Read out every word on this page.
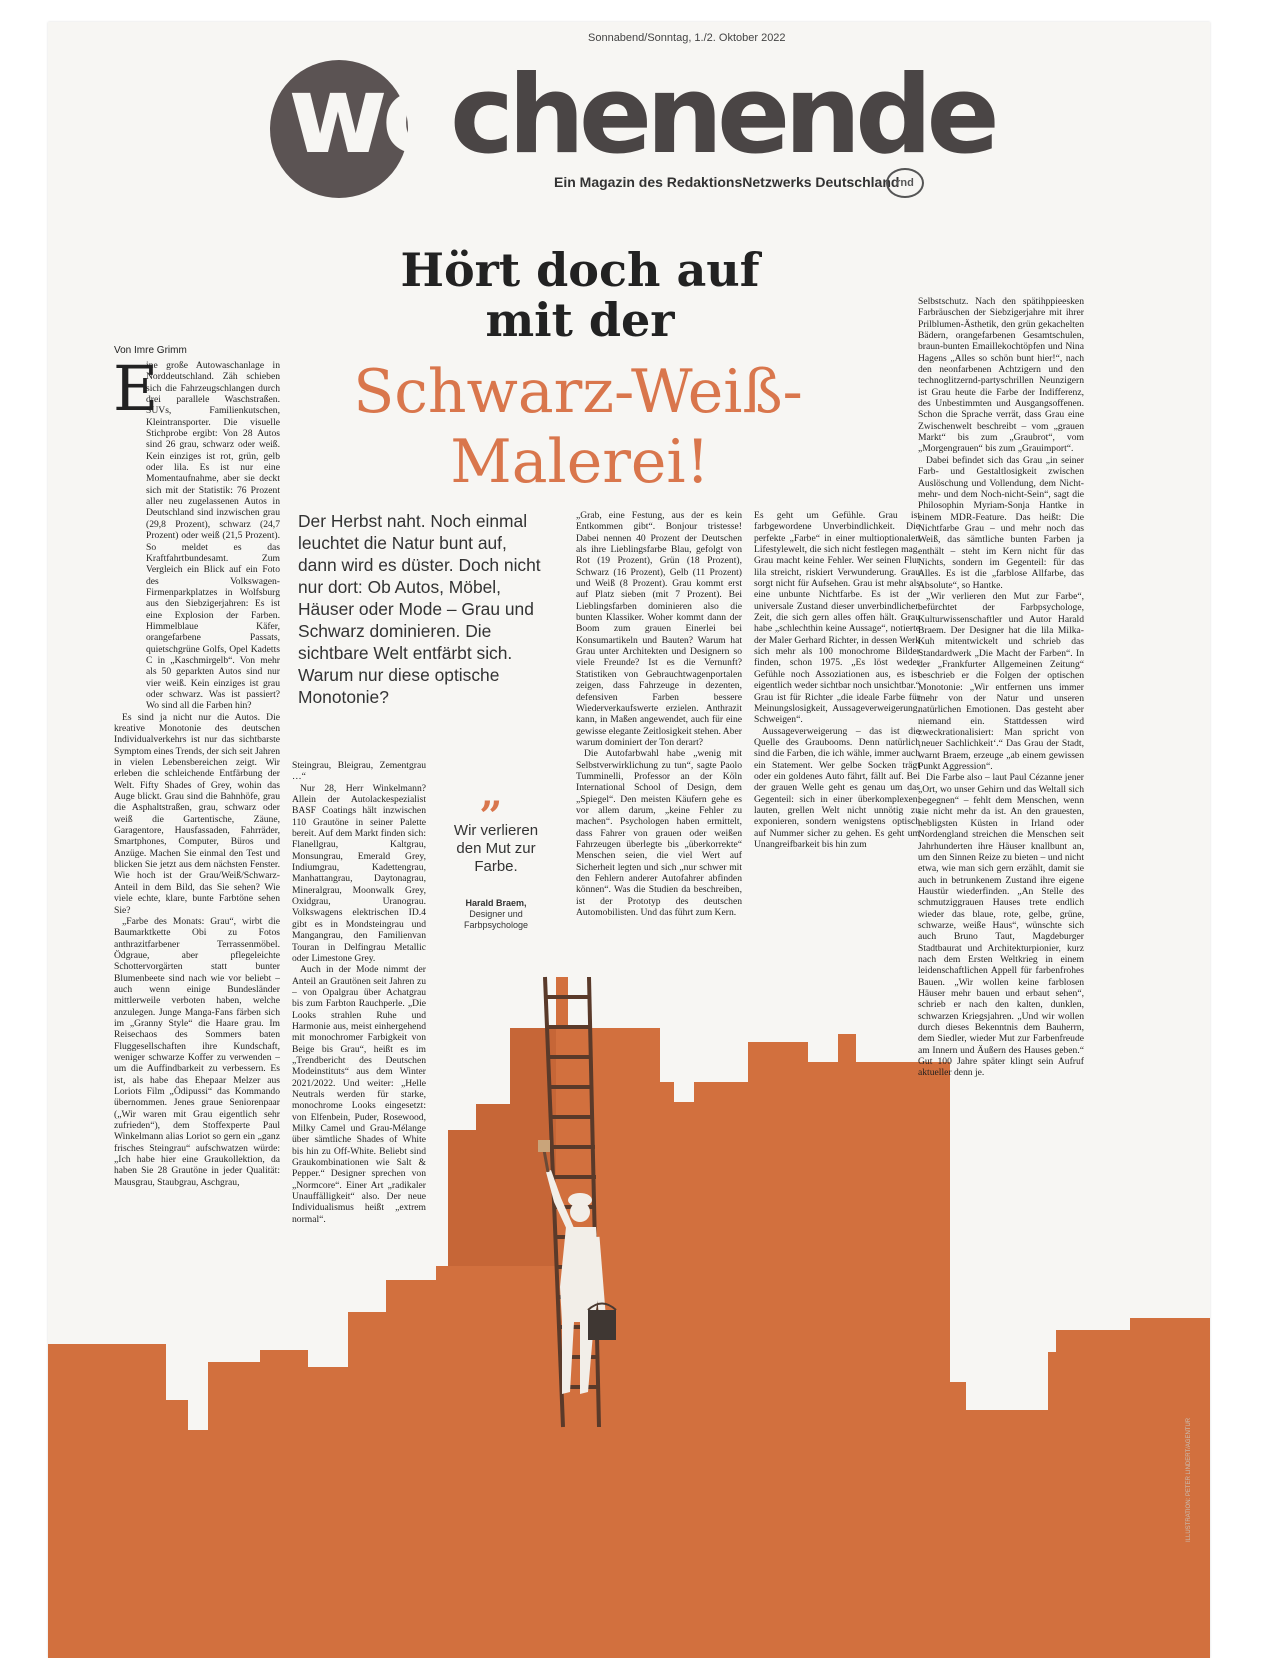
Sonnabend/Sonntag, 1./2. Oktober 2022
wochenende
Ein Magazin des RedaktionsNetzwerks Deutschland
rnd
Hört doch auf
mit der
Schwarz-Weiß-
Malerei!
Der Herbst naht. Noch einmal leuchtet die Natur bunt auf, dann wird es düster. Doch nicht nur dort: Ob Autos, Möbel, Häuser oder Mode – Grau und Schwarz dominieren. Die sichtbare Welt entfärbt sich. Warum nur diese optische Monotonie?
Von Imre Grimm
E

ine große Autowaschanlage in Norddeutschland. Zäh schieben sich die Fahrzeugschlangen durch drei parallele Waschstraßen. SUVs, Familienkutschen, Kleintransporter. Die visuelle Stichprobe ergibt: Von 28 Autos sind 26 grau, schwarz oder weiß. Kein einziges ist rot, grün, gelb oder lila. Es ist nur eine Momentaufnahme, aber sie deckt sich mit der Statistik: 76 Prozent aller neu zugelassenen Autos in Deutschland sind inzwischen grau (29,8 Prozent), schwarz (24,7 Prozent) oder weiß (21,5 Prozent). So meldet es das Kraftfahrtbundesamt. Zum Vergleich ein Blick auf ein Foto des Volkswagen-Firmenparkplatzes in Wolfsburg aus den Siebzigerjahren: Es ist eine Explosion der Farben. Himmelblaue Käfer, orangefarbene Passats, quietschgrüne Golfs, Opel Kadetts C in „Kaschmirgelb“. Von mehr als 50 geparkten Autos sind nur vier weiß. Kein einziges ist grau oder schwarz. Was ist passiert? Wo sind all die Farben hin?

Es sind ja nicht nur die Autos. Die kreative Monotonie des deutschen Individualverkehrs ist nur das sichtbarste Symptom eines Trends, der sich seit Jahren in vielen Lebensbereichen zeigt. Wir erleben die schleichende Entfärbung der Welt. Fifty Shades of Grey, wohin das Auge blickt. Grau sind die Bahnhöfe, grau die Asphaltstraßen, grau, schwarz oder weiß die Gartentische, Zäune, Garagentore, Hausfassaden, Fahrräder, Smartphones, Computer, Büros und Anzüge. Machen Sie einmal den Test und blicken Sie jetzt aus dem nächsten Fenster. Wie hoch ist der Grau/Weiß/Schwarz-Anteil in dem Bild, das Sie sehen? Wie viele echte, klare, bunte Farbtöne sehen Sie?

„Farbe des Monats: Grau“, wirbt die Baumarktkette Obi zu Fotos anthrazitfarbener Terrassenmöbel. Ödgraue, aber pflegeleichte Schottervorgärten statt bunter Blumenbeete sind nach wie vor beliebt – auch wenn einige Bundesländer mittlerweile verboten haben, welche anzulegen. Junge Manga-Fans färben sich im „Granny Style“ die Haare grau. Im Reisechaos des Sommers baten Fluggesellschaften ihre Kundschaft, weniger schwarze Koffer zu verwenden – um die Auffindbarkeit zu verbessern. Es ist, als habe das Ehepaar Melzer aus Loriots Film „Ödipussi“ das Kommando übernommen. Jenes graue Seniorenpaar („Wir waren mit Grau eigentlich sehr zufrieden“), dem Stoffexperte Paul Winkelmann alias Loriot so gern ein „ganz frisches Steingrau“ aufschwatzen würde: „Ich habe hier eine Graukollektion, da haben Sie 28 Grautöne in jeder Qualität: Mausgrau, Staubgrau, Aschgrau,

Steingrau, Bleigrau, Zementgrau …“

Nur 28, Herr Winkelmann? Allein der Autolackespezialist BASF Coatings hält inzwischen 110 Grautöne in seiner Palette bereit. Auf dem Markt finden sich: Flanellgrau, Kaltgrau, Monsungrau, Emerald Grey, Indiumgrau, Kadettengrau, Manhattangrau, Daytonagrau, Mineralgrau, Moonwalk Grey, Oxidgrau, Uranograu. Volkswagens elektrischen ID.4 gibt es in Mondsteingrau und Mangangrau, den Familienvan Touran in Delfingrau Metallic oder Limestone Grey.

Auch in der Mode nimmt der Anteil an Grautönen seit Jahren zu – von Opalgrau über Achatgrau bis zum Farbton Rauchperle. „Die Looks strahlen Ruhe und Harmonie aus, meist einhergehend mit monochromer Farbigkeit von Beige bis Grau“, heißt es im „Trendbericht des Deutschen Modeinstituts“ aus dem Winter 2021/2022. Und weiter: „Helle Neutrals werden für starke, monochrome Looks eingesetzt: von Elfenbein, Puder, Rosewood, Milky Camel und Grau-Mélange über sämtliche Shades of White bis hin zu Off-White. Beliebt sind Graukombinationen wie Salt & Pepper.“ Designer sprechen von „Normcore“. Einer Art „radikaler Unauffälligkeit“ also. Der neue Individualismus heißt „extrem normal“.

„
Wir verlieren den Mut zur Farbe.
Harald Braem,
Designer und Farbpsychologe

„Grab, eine Festung, aus der es kein Entkommen gibt“. Bonjour tristesse! Dabei nennen 40 Prozent der Deutschen als ihre Lieblingsfarbe Blau, gefolgt von Rot (19 Prozent), Grün (18 Prozent), Schwarz (16 Prozent), Gelb (11 Prozent) und Weiß (8 Prozent). Grau kommt erst auf Platz sieben (mit 7 Prozent). Bei Lieblingsfarben dominieren also die bunten Klassiker. Woher kommt dann der Boom zum grauen Einerlei bei Konsumartikeln und Bauten? Warum hat Grau unter Architekten und Designern so viele Freunde? Ist es die Vernunft? Statistiken von Gebrauchtwagenportalen zeigen, dass Fahrzeuge in dezenten, defensiven Farben bessere Wiederverkaufswerte erzielen. Anthrazit kann, in Maßen angewendet, auch für eine gewisse elegante Zeitlosigkeit stehen. Aber warum dominiert der Ton derart?

Die Autofarbwahl habe „wenig mit Selbstverwirklichung zu tun“, sagte Paolo Tumminelli, Professor an der Köln International School of Design, dem „Spiegel“. Den meisten Käufern gehe es vor allem darum, „keine Fehler zu machen“. Psychologen haben ermittelt, dass Fahrer von grauen oder weißen Fahrzeugen überlegte bis „überkorrekte“ Menschen seien, die viel Wert auf Sicherheit legten und sich „nur schwer mit den Fehlern anderer Autofahrer abfinden können“. Was die Studien da beschreiben, ist der Prototyp des deutschen Automobilisten. Und das führt zum Kern.

Es geht um Gefühle. Grau ist farbgewordene Unverbindlichkeit. Die perfekte „Farbe“ in einer multioptionalen Lifestylewelt, die sich nicht festlegen mag. Grau macht keine Fehler. Wer seinen Flur lila streicht, riskiert Verwunderung. Grau sorgt nicht für Aufsehen. Grau ist mehr als eine unbunte Nichtfarbe. Es ist der universale Zustand dieser unverbindlichen Zeit, die sich gern alles offen hält. Grau habe „schlechthin keine Aussage“, notierte der Maler Gerhard Richter, in dessen Werk sich mehr als 100 monochrome Bilder finden, schon 1975. „Es löst weder Gefühle noch Assoziationen aus, es ist eigentlich weder sichtbar noch unsichtbar.“ Grau ist für Richter „die ideale Farbe für Meinungslosigkeit, Aussageverweigerung, Schweigen“.

Aussageverweigerung – das ist die Quelle des Graubooms. Denn natürlich sind die Farben, die ich wähle, immer auch ein Statement. Wer gelbe Socken trägt oder ein goldenes Auto fährt, fällt auf. Bei der grauen Welle geht es genau um das Gegenteil: sich in einer überkomplexen, lauten, grellen Welt nicht unnötig zu exponieren, sondern wenigstens optisch auf Nummer sicher zu gehen. Es geht um Unangreifbarkeit bis hin zum

Selbstschutz. Nach den spätihppieesken Farbräuschen der Siebzigerjahre mit ihrer Prilblumen-Ästhetik, den grün gekachelten Bädern, orangefarbenen Gesamtschulen, braun-bunten Emaillekochtöpfen und Nina Hagens „Alles so schön bunt hier!“, nach den neonfarbenen Achtzigern und den technoglitzernd-partyschrillen Neunzigern ist Grau heute die Farbe der Indifferenz, des Unbestimmten und Ausgangsoffenen. Schon die Sprache verrät, dass Grau eine Zwischenwelt beschreibt – vom „grauen Markt“ bis zum „Graubrot“, vom „Morgengrauen“ bis zum „Grauimport“.

Dabei befindet sich das Grau „in seiner Farb- und Gestaltlosigkeit zwischen Auslöschung und Vollendung, dem Nicht-mehr- und dem Noch-nicht-Sein“, sagt die Philosophin Myriam-Sonja Hantke in einem MDR-Feature. Das heißt: Die Nichtfarbe Grau – und mehr noch das Weiß, das sämtliche bunten Farben ja enthält – steht im Kern nicht für das Nichts, sondern im Gegenteil: für das Alles. Es ist die „farblose Allfarbe, das Absolute“, so Hantke.

„Wir verlieren den Mut zur Farbe“, befürchtet der Farbpsychologe, Kulturwissenschaftler und Autor Harald Braem. Der Designer hat die lila Milka-Kuh mitentwickelt und schrieb das Standardwerk „Die Macht der Farben“. In der „Frankfurter Allgemeinen Zeitung“ beschrieb er die Folgen der optischen Monotonie: „Wir entfernen uns immer mehr von der Natur und unseren natürlichen Emotionen. Das gesteht aber niemand ein. Stattdessen wird zweckrationalisiert: Man spricht von ‚neuer Sachlichkeit‘.“ Das Grau der Stadt, warnt Braem, erzeuge „ab einem gewissen Punkt Aggression“.

Die Farbe also – laut Paul Cézanne jener „Ort, wo unser Gehirn und das Weltall sich begegnen“ – fehlt dem Menschen, wenn sie nicht mehr da ist. An den grauesten, nebligsten Küsten in Irland oder Nordengland streichen die Menschen seit Jahrhunderten ihre Häuser knallbunt an, um den Sinnen Reize zu bieten – und nicht etwa, wie man sich gern erzählt, damit sie auch in betrunkenem Zustand ihre eigene Haustür wiederfinden. „An Stelle des schmutziggrauen Hauses trete endlich wieder das blaue, rote, gelbe, grüne, schwarze, weiße Haus“, wünschte sich auch Bruno Taut, Magdeburger Stadtbaurat und Architekturpionier, kurz nach dem Ersten Weltkrieg in einem leidenschaftlichen Appell für farbenfrohes Bauen. „Wir wollen keine farblosen Häuser mehr bauen und erbaut sehen“, schrieb er nach den kalten, dunklen, schwarzen Kriegsjahren. „Und wir wollen durch dieses Bekenntnis dem Bauherrn, dem Siedler, wieder Mut zur Farbenfreude am Innern und Äußern des Hauses geben.“ Gut 100 Jahre später klingt sein Aufruf aktueller denn je.

ILLUSTRATION: PETER LINDERT/AGENTUR
